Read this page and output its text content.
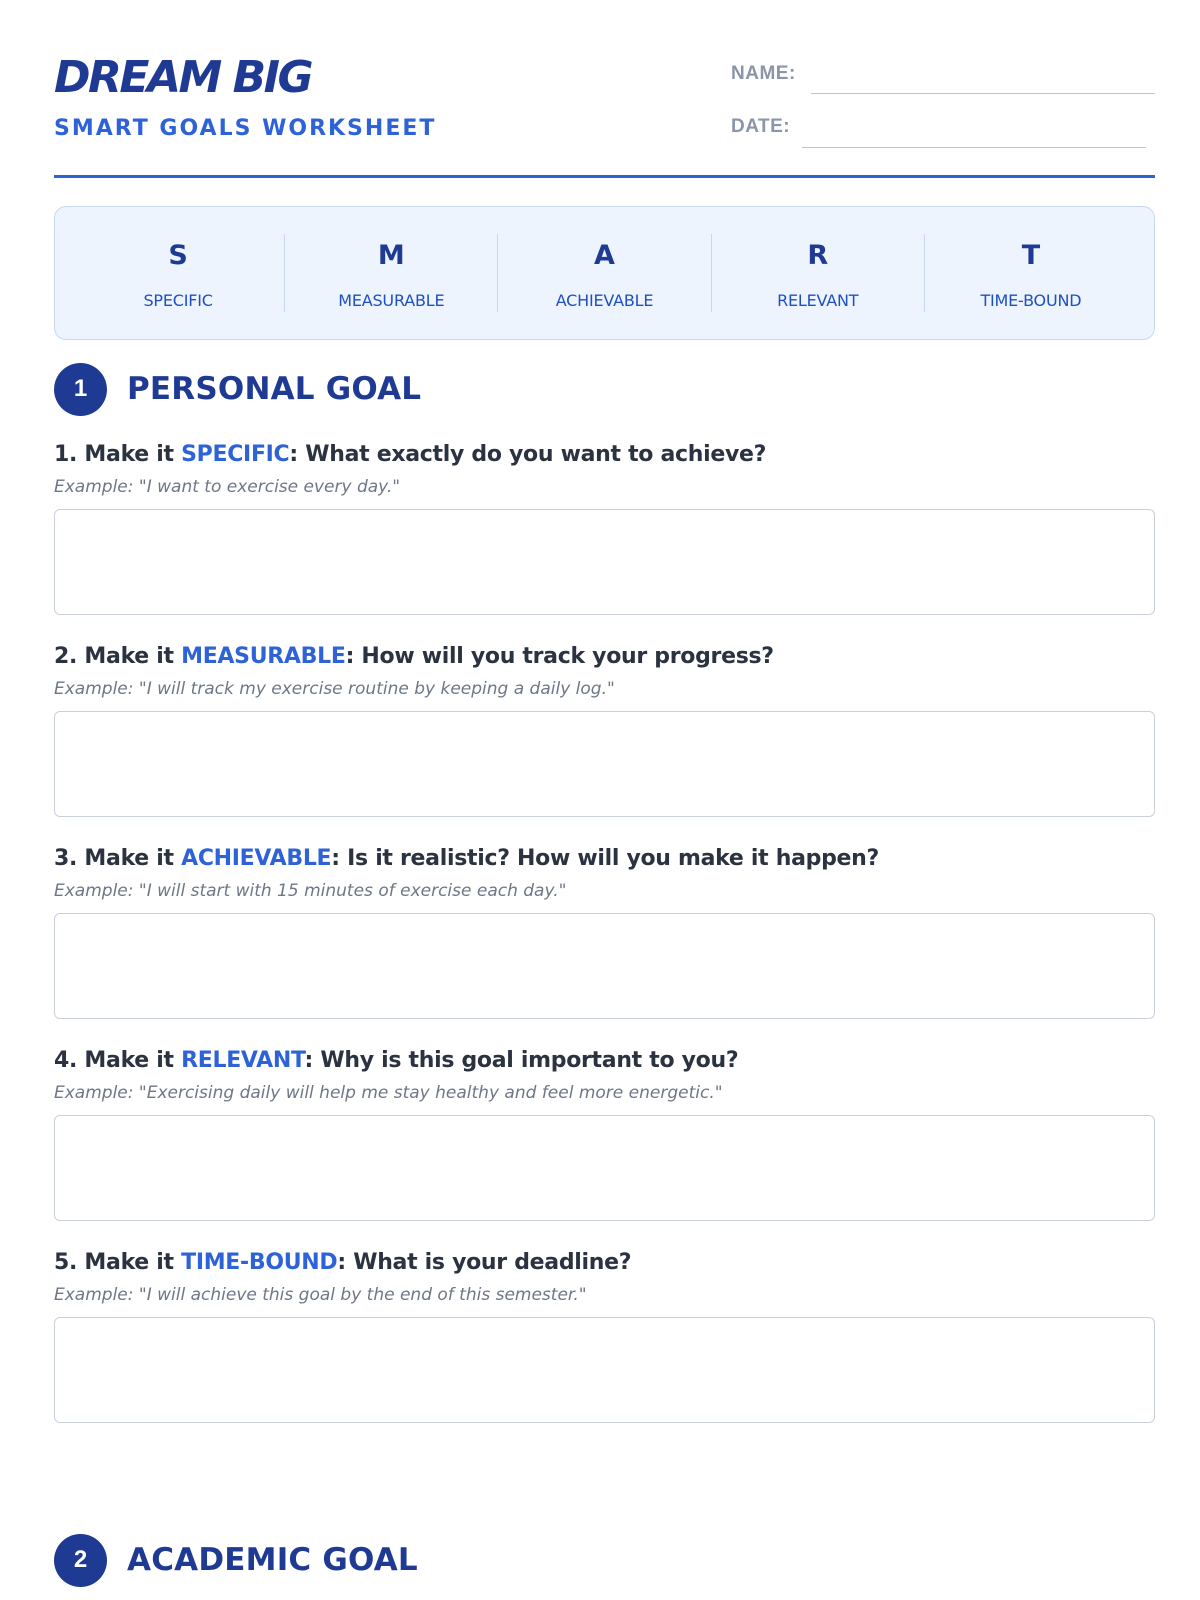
DREAM BIG
SMART GOALS WORKSHEET
NAME:
DATE:
S
SPECIFIC
M
MEASURABLE
A
ACHIEVABLE
R
RELEVANT
T
TIME-BOUND
1	PERSONAL GOAL
1. Make it SPECIFIC: What exactly do you want to achieve?
Example: "I want to exercise every day."
2. Make it MEASURABLE: How will you track your progress?
Example: "I will track my exercise routine by keeping a daily log."
3. Make it ACHIEVABLE: Is it realistic? How will you make it happen?
Example: "I will start with 15 minutes of exercise each day."
4. Make it RELEVANT: Why is this goal important to you?
Example: "Exercising daily will help me stay healthy and feel more energetic."
5. Make it TIME-BOUND: What is your deadline?
Example: "I will achieve this goal by the end of this semester."
2	ACADEMIC GOAL
